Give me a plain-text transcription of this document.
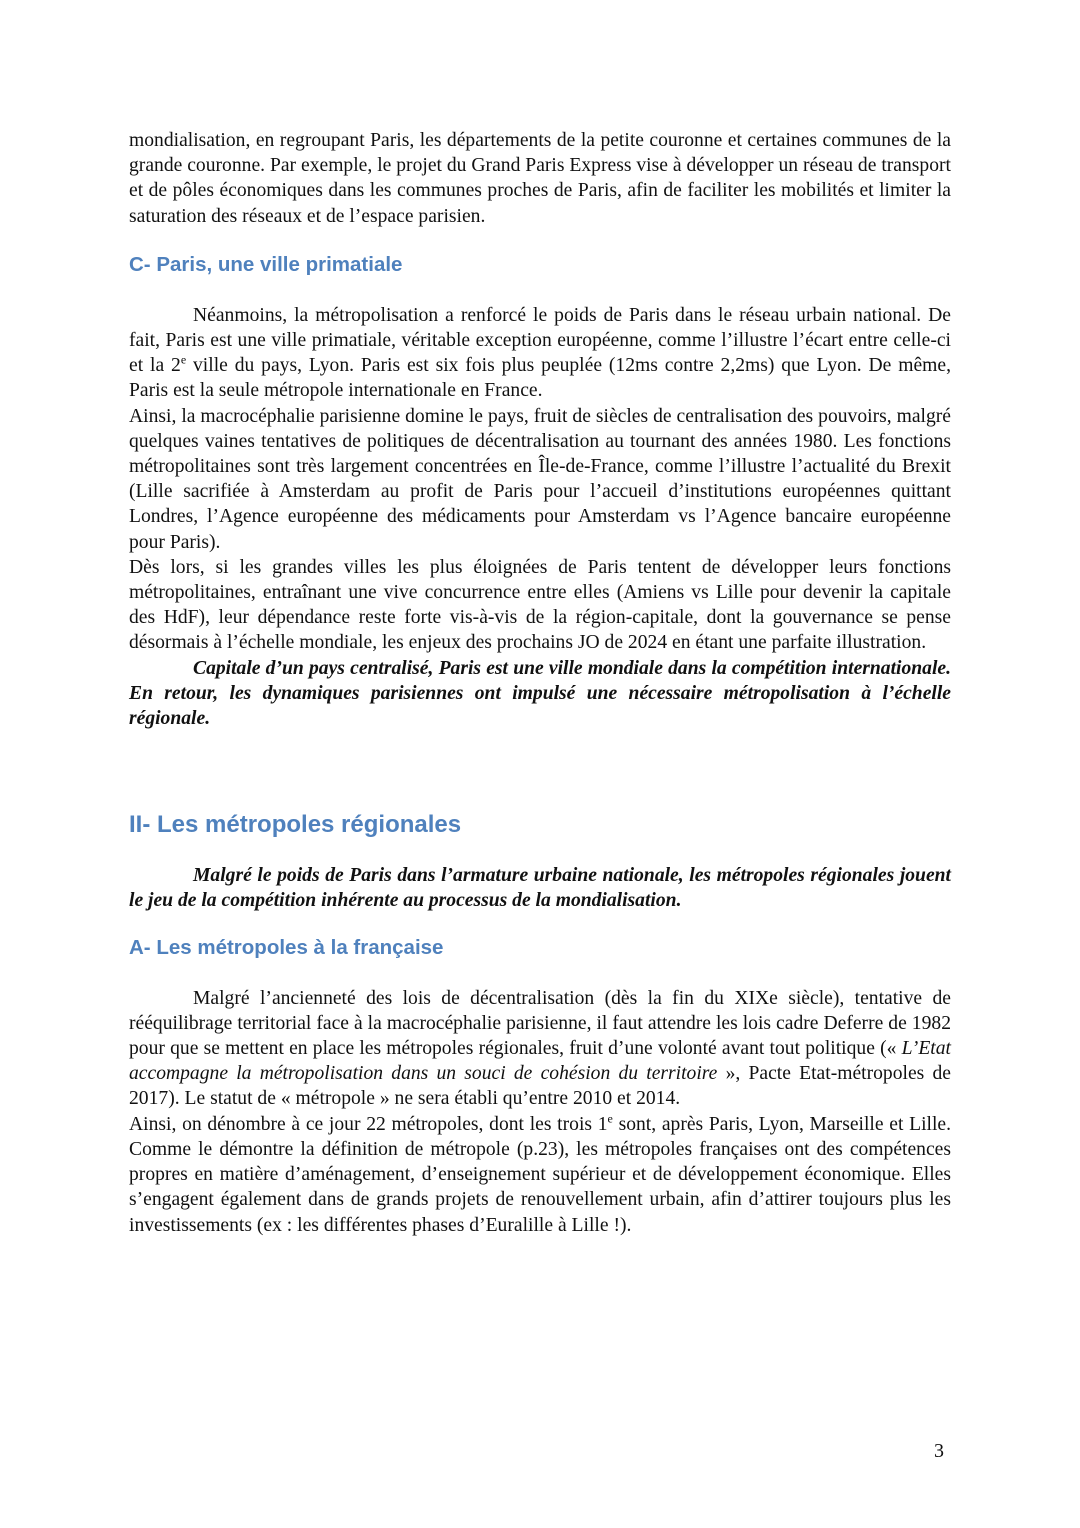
mondialisation, en regroupant Paris, les départements de la petite couronne et certaines communes de la grande couronne. Par exemple, le projet du Grand Paris Express vise à développer un réseau de transport et de pôles économiques dans les communes proches de Paris, afin de faciliter les mobilités et limiter la saturation des réseaux et de l’espace parisien.

C- Paris, une ville primatiale

Néanmoins, la métropolisation a renforcé le poids de Paris dans le réseau urbain national. De fait, Paris est une ville primatiale, véritable exception européenne, comme l’illustre l’écart entre celle-ci et la 2e ville du pays, Lyon. Paris est six fois plus peuplée (12ms contre 2,2ms) que Lyon. De même, Paris est la seule métropole internationale en France.

Ainsi, la macrocéphalie parisienne domine le pays, fruit de siècles de centralisation des pouvoirs, malgré quelques vaines tentatives de politiques de décentralisation au tournant des années 1980. Les fonctions métropolitaines sont très largement concentrées en Île-de-France, comme l’illustre l’actualité du Brexit (Lille sacrifiée à Amsterdam au profit de Paris pour l’accueil d’institutions européennes quittant Londres, l’Agence européenne des médicaments pour Amsterdam vs l’Agence bancaire européenne pour Paris).

Dès lors, si les grandes villes les plus éloignées de Paris tentent de développer leurs fonctions métropolitaines, entraînant une vive concurrence entre elles (Amiens vs Lille pour devenir la capitale des HdF), leur dépendance reste forte vis-à-vis de la région-capitale, dont la gouvernance se pense désormais à l’échelle mondiale, les enjeux des prochains JO de 2024 en étant une parfaite illustration.

Capitale d’un pays centralisé, Paris est une ville mondiale dans la compétition internationale. En retour, les dynamiques parisiennes ont impulsé une nécessaire métropolisation à l’échelle régionale.

II- Les métropoles régionales

Malgré le poids de Paris dans l’armature urbaine nationale, les métropoles régionales jouent le jeu de la compétition inhérente au processus de la mondialisation.

A- Les métropoles à la française

Malgré l’ancienneté des lois de décentralisation (dès la fin du XIXe siècle), tentative de rééquilibrage territorial face à la macrocéphalie parisienne, il faut attendre les lois cadre Deferre de 1982 pour que se mettent en place les métropoles régionales, fruit d’une volonté avant tout politique (« L’Etat accompagne la métropolisation dans un souci de cohésion du territoire », Pacte Etat-métropoles de 2017). Le statut de « métropole » ne sera établi qu’entre 2010 et 2014.

Ainsi, on dénombre à ce jour 22 métropoles, dont les trois 1e sont, après Paris, Lyon, Marseille et Lille. Comme le démontre la définition de métropole (p.23), les métropoles françaises ont des compétences propres en matière d’aménagement, d’enseignement supérieur et de développement économique. Elles s’engagent également dans de grands projets de renouvellement urbain, afin d’attirer toujours plus les investissements (ex : les différentes phases d’Euralille à Lille !).

3
